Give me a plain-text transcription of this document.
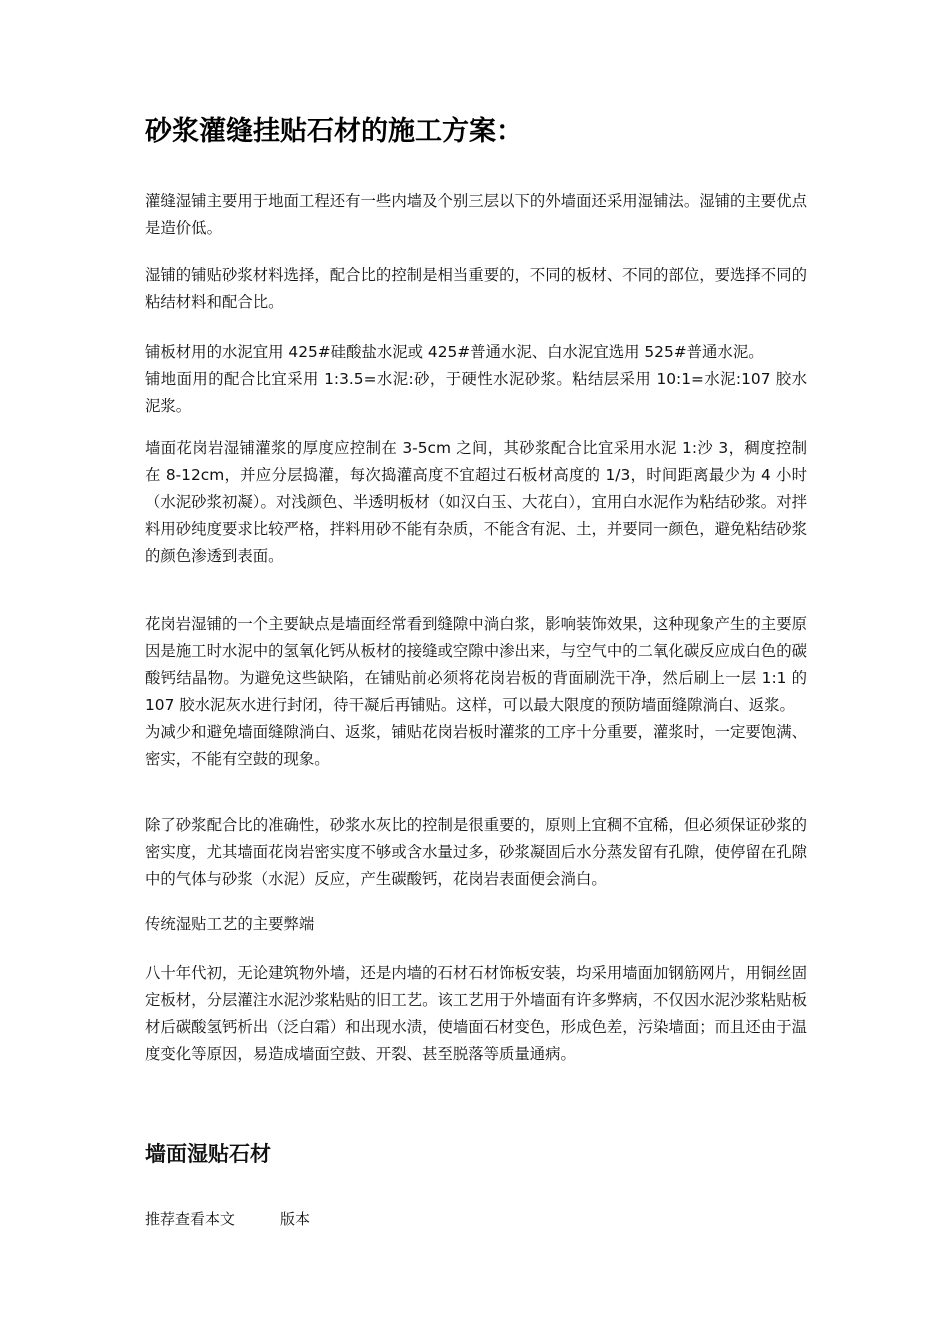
砂浆灌缝挂贴石材的施工方案：

灌缝湿铺主要用于地面工程还有一些内墙及个别三层以下的外墙面还采用湿铺法。湿铺的主要优点是造价低。

湿铺的铺贴砂浆材料选择，配合比的控制是相当重要的，不同的板材、不同的部位，要选择不同的粘结材料和配合比。

铺板材用的水泥宜用 425#硅酸盐水泥或 425#普通水泥、白水泥宜选用 525#普通水泥。
铺地面用的配合比宜采用 1:3.5=水泥:砂，于硬性水泥砂浆。粘结层采用 10:1=水泥:107 胶水泥浆。

墙面花岗岩湿铺灌浆的厚度应控制在 3-5cm 之间，其砂浆配合比宜采用水泥 1:沙 3，稠度控制在 8-12cm，并应分层捣灌，每次捣灌高度不宜超过石板材高度的 1/3，时间距离最少为 4 小时（水泥砂浆初凝）。对浅颜色、半透明板材（如汉白玉、大花白），宜用白水泥作为粘结砂浆。对拌料用砂纯度要求比较严格，拌料用砂不能有杂质，不能含有泥、土，并要同一颜色，避免粘结砂浆的颜色渗透到表面。

花岗岩湿铺的一个主要缺点是墙面经常看到缝隙中淌白浆，影响装饰效果，这种现象产生的主要原因是施工时水泥中的氢氧化钙从板材的接缝或空隙中渗出来，与空气中的二氧化碳反应成白色的碳酸钙结晶物。为避免这些缺陷，在铺贴前必须将花岗岩板的背面刷洗干净，然后刷上一层 1:1 的 107 胶水泥灰水进行封闭，待干凝后再铺贴。这样，可以最大限度的预防墙面缝隙淌白、返浆。
为减少和避免墙面缝隙淌白、返浆，铺贴花岗岩板时灌浆的工序十分重要，灌浆时，一定要饱满、密实，不能有空鼓的现象。

除了砂浆配合比的准确性，砂浆水灰比的控制是很重要的，原则上宜稠不宜稀，但必须保证砂浆的密实度，尤其墙面花岗岩密实度不够或含水量过多，砂浆凝固后水分蒸发留有孔隙，使停留在孔隙中的气体与砂浆（水泥）反应，产生碳酸钙，花岗岩表面便会淌白。

传统湿贴工艺的主要弊端

八十年代初，无论建筑物外墙，还是内墙的石材石材饰板安装，均采用墙面加钢筋网片，用铜丝固定板材，分层灌注水泥沙浆粘贴的旧工艺。该工艺用于外墙面有许多弊病，不仅因水泥沙浆粘贴板材后碳酸氢钙析出（泛白霜）和出现水渍，使墙面石材变色，形成色差，污染墙面；而且还由于温度变化等原因，易造成墙面空鼓、开裂、甚至脱落等质量通病。

墙面湿贴石材
推荐查看本文	版本
